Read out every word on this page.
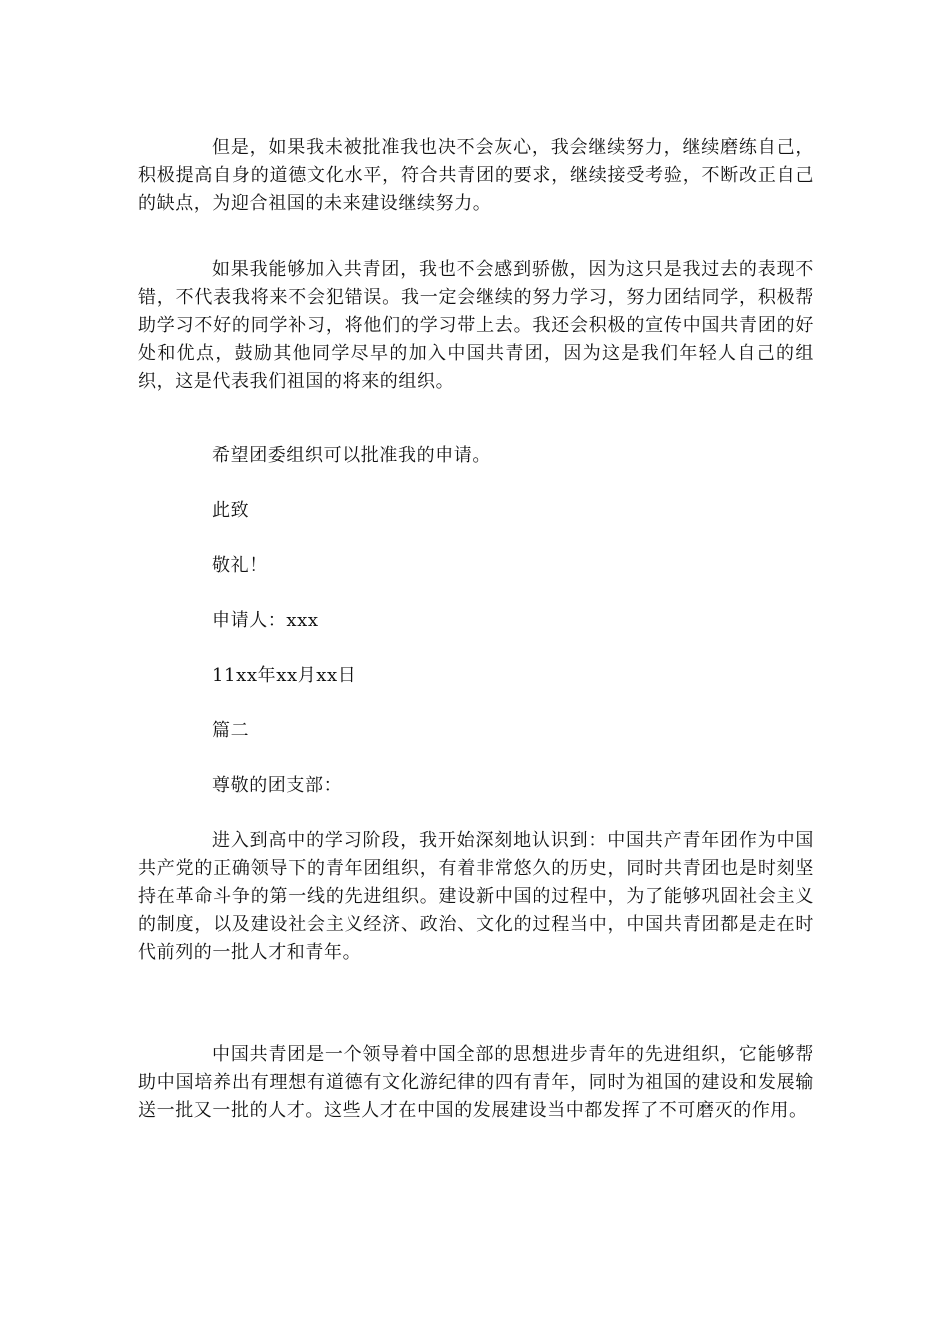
但是，如果我未被批准我也决不会灰心，我会继续努力，继续磨练自己，积极提高自身的道德文化水平，符合共青团的要求，继续接受考验，不断改正自己的缺点，为迎合祖国的未来建设继续努力。

如果我能够加入共青团，我也不会感到骄傲，因为这只是我过去的表现不错，不代表我将来不会犯错误。我一定会继续的努力学习，努力团结同学，积极帮助学习不好的同学补习，将他们的学习带上去。我还会积极的宣传中国共青团的好处和优点，鼓励其他同学尽早的加入中国共青团，因为这是我们年轻人自己的组织，这是代表我们祖国的将来的组织。

希望团委组织可以批准我的申请。

此致

敬礼！

申请人：xxx

11xx年xx月xx日

篇二

尊敬的团支部：

进入到高中的学习阶段，我开始深刻地认识到：中国共产青年团作为中国共产党的正确领导下的青年团组织，有着非常悠久的历史，同时共青团也是时刻坚持在革命斗争的第一线的先进组织。建设新中国的过程中，为了能够巩固社会主义的制度，以及建设社会主义经济、政治、文化的过程当中，中国共青团都是走在时代前列的一批人才和青年。

中国共青团是一个领导着中国全部的思想进步青年的先进组织，它能够帮助中国培养出有理想有道德有文化游纪律的四有青年，同时为祖国的建设和发展输送一批又一批的人才。这些人才在中国的发展建设当中都发挥了不可磨灭的作用。
